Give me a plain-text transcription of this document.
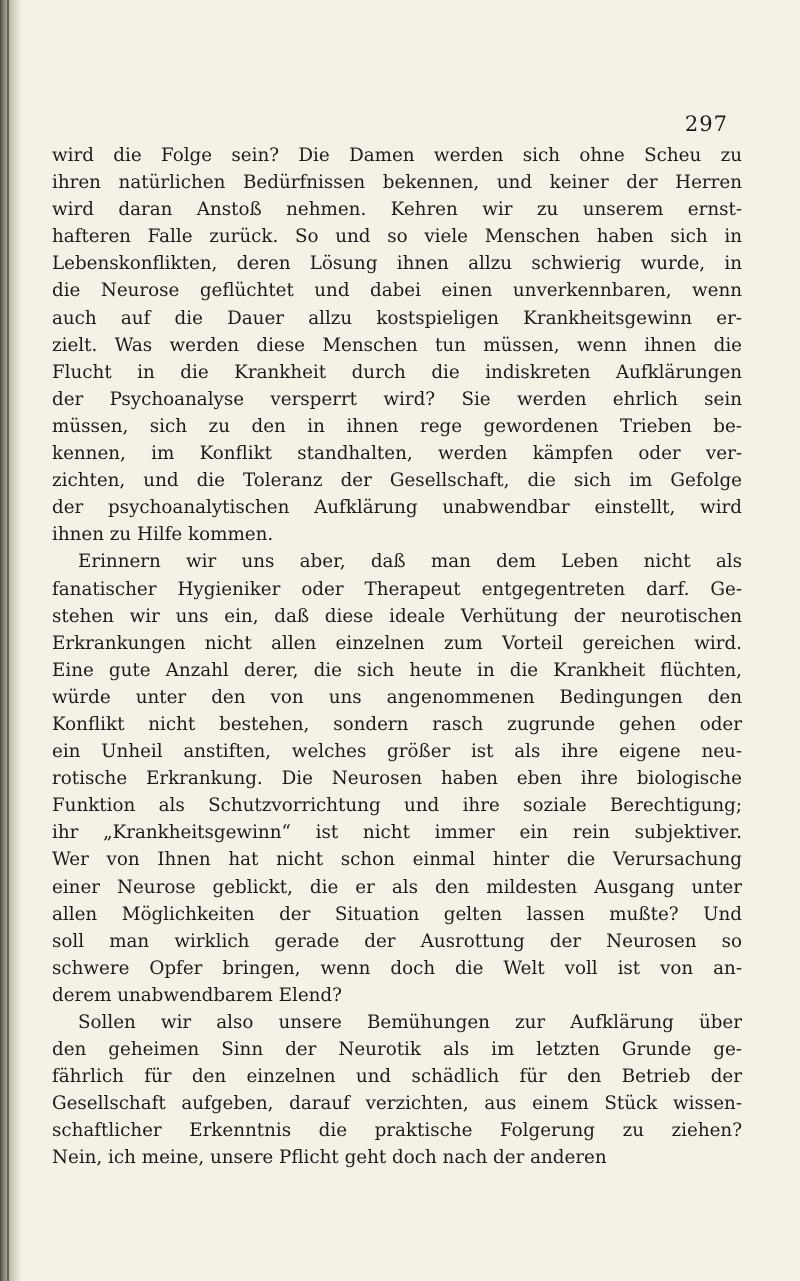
297

wird die Folge sein? Die Damen werden sich ohne Scheu zu
ihren natürlichen Bedürfnissen bekennen, und keiner der Herren
wird daran Anstoß nehmen. Kehren wir zu unserem ernst-
hafteren Falle zurück. So und so viele Menschen haben sich in
Lebenskonflikten, deren Lösung ihnen allzu schwierig wurde, in
die Neurose geflüchtet und dabei einen unverkennbaren, wenn
auch auf die Dauer allzu kostspieligen Krankheitsgewinn er-
zielt. Was werden diese Menschen tun müssen, wenn ihnen die
Flucht in die Krankheit durch die indiskreten Aufklärungen
der Psychoanalyse versperrt wird? Sie werden ehrlich sein
müssen, sich zu den in ihnen rege gewordenen Trieben be-
kennen, im Konflikt standhalten, werden kämpfen oder ver-
zichten, und die Toleranz der Gesellschaft, die sich im Gefolge
der psychoanalytischen Aufklärung unabwendbar einstellt, wird
ihnen zu Hilfe kommen.
Erinnern wir uns aber, daß man dem Leben nicht als
fanatischer Hygieniker oder Therapeut entgegentreten darf. Ge-
stehen wir uns ein, daß diese ideale Verhütung der neurotischen
Erkrankungen nicht allen einzelnen zum Vorteil gereichen wird.
Eine gute Anzahl derer, die sich heute in die Krankheit flüchten,
würde unter den von uns angenommenen Bedingungen den
Konflikt nicht bestehen, sondern rasch zugrunde gehen oder
ein Unheil anstiften, welches größer ist als ihre eigene neu-
rotische Erkrankung. Die Neurosen haben eben ihre biologische
Funktion als Schutzvorrichtung und ihre soziale Berechtigung;
ihr „Krankheitsgewinn“ ist nicht immer ein rein subjektiver.
Wer von Ihnen hat nicht schon einmal hinter die Verursachung
einer Neurose geblickt, die er als den mildesten Ausgang unter
allen Möglichkeiten der Situation gelten lassen mußte? Und
soll man wirklich gerade der Ausrottung der Neurosen so
schwere Opfer bringen, wenn doch die Welt voll ist von an-
derem unabwendbarem Elend?
Sollen wir also unsere Bemühungen zur Aufklärung über
den geheimen Sinn der Neurotik als im letzten Grunde ge-
fährlich für den einzelnen und schädlich für den Betrieb der
Gesellschaft aufgeben, darauf verzichten, aus einem Stück wissen-
schaftlicher Erkenntnis die praktische Folgerung zu ziehen?
Nein, ich meine, unsere Pflicht geht doch nach der anderen
